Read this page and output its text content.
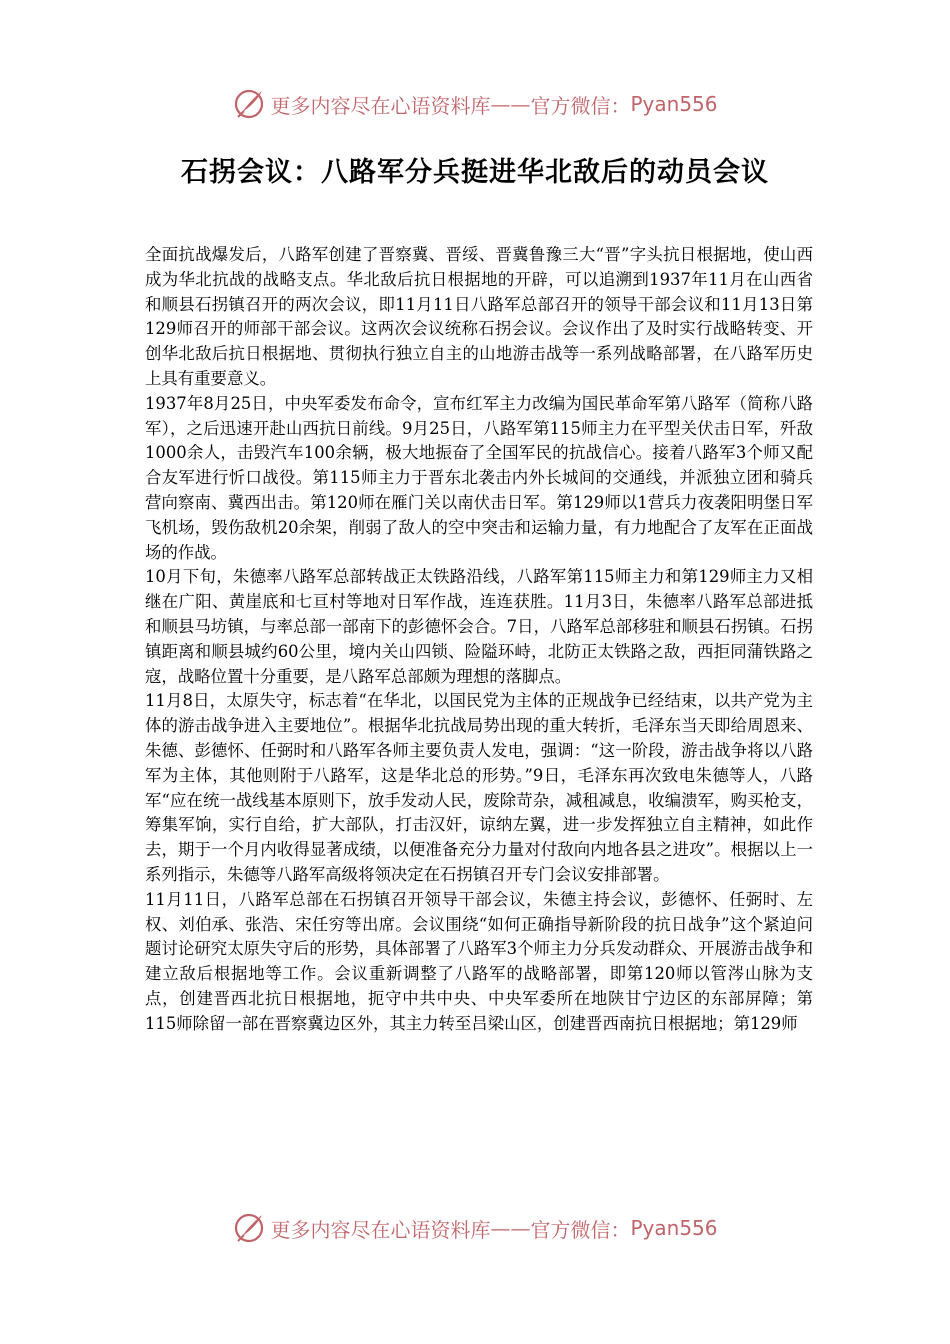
更多内容尽在心语资料库 —— 官方微信： Pyan556
石拐会议：八路军分兵挺进华北敌后的动员会议

全面抗战爆发后，八路军创建了晋察冀、晋绥、晋冀鲁豫三大“晋”字头抗日根据地，使山西成为华北抗战的战略支点。华北敌后抗日根据地的开辟，可以追溯到1937年11月在山西省和顺县石拐镇召开的两次会议，即11月11日八路军总部召开的领导干部会议和11月13日第129师召开的师部干部会议。这两次会议统称石拐会议。会议作出了及时实行战略转变、开创华北敌后抗日根据地、贯彻执行独立自主的山地游击战等一系列战略部署，在八路军历史上具有重要意义。

1937年8月25日，中央军委发布命令，宣布红军主力改编为国民革命军第八路军（简称八路军），之后迅速开赴山西抗日前线。9月25日，八路军第115师主力在平型关伏击日军，歼敌1000余人，击毁汽车100余辆，极大地振奋了全国军民的抗战信心。接着八路军3个师又配合友军进行忻口战役。第115师主力于晋东北袭击内外长城间的交通线，并派独立团和骑兵营向察南、冀西出击。第120师在雁门关以南伏击日军。第129师以1营兵力夜袭阳明堡日军飞机场，毁伤敌机20余架，削弱了敌人的空中突击和运输力量，有力地配合了友军在正面战场的作战。

10月下旬，朱德率八路军总部转战正太铁路沿线，八路军第115师主力和第129师主力又相继在广阳、黄崖底和七亘村等地对日军作战，连连获胜。11月3日，朱德率八路军总部进抵和顺县马坊镇，与率总部一部南下的彭德怀会合。7日，八路军总部移驻和顺县石拐镇。石拐镇距离和顺县城约60公里，境内关山四锁、险隘环峙，北防正太铁路之敌，西拒同蒲铁路之寇，战略位置十分重要，是八路军总部颇为理想的落脚点。

11月8日，太原失守，标志着“在华北，以国民党为主体的正规战争已经结束，以共产党为主体的游击战争进入主要地位”。根据华北抗战局势出现的重大转折，毛泽东当天即给周恩来、朱德、彭德怀、任弼时和八路军各师主要负责人发电，强调：“这一阶段，游击战争将以八路军为主体，其他则附于八路军，这是华北总的形势。”9日，毛泽东再次致电朱德等人，八路军“应在统一战线基本原则下，放手发动人民，废除苛杂，减租减息，收编溃军，购买枪支，筹集军饷，实行自给，扩大部队，打击汉奸，谅纳左翼，进一步发挥独立自主精神，如此作去，期于一个月内收得显著成绩，以便准备充分力量对付敌向内地各县之进攻”。根据以上一系列指示，朱德等八路军高级将领决定在石拐镇召开专门会议安排部署。

11月11日，八路军总部在石拐镇召开领导干部会议，朱德主持会议，彭德怀、任弼时、左权、刘伯承、张浩、宋任穷等出席。会议围绕“如何正确指导新阶段的抗日战争”这个紧迫问题讨论研究太原失守后的形势，具体部署了八路军3个师主力分兵发动群众、开展游击战争和建立敌后根据地等工作。会议重新调整了八路军的战略部署，即第120师以管涔山脉为支点，创建晋西北抗日根据地，扼守中共中央、中央军委所在地陕甘宁边区的东部屏障；第115师除留一部在晋察冀边区外，其主力转至吕梁山区，创建晋西南抗日根据地；第129师

更多内容尽在心语资料库 —— 官方微信： Pyan556
